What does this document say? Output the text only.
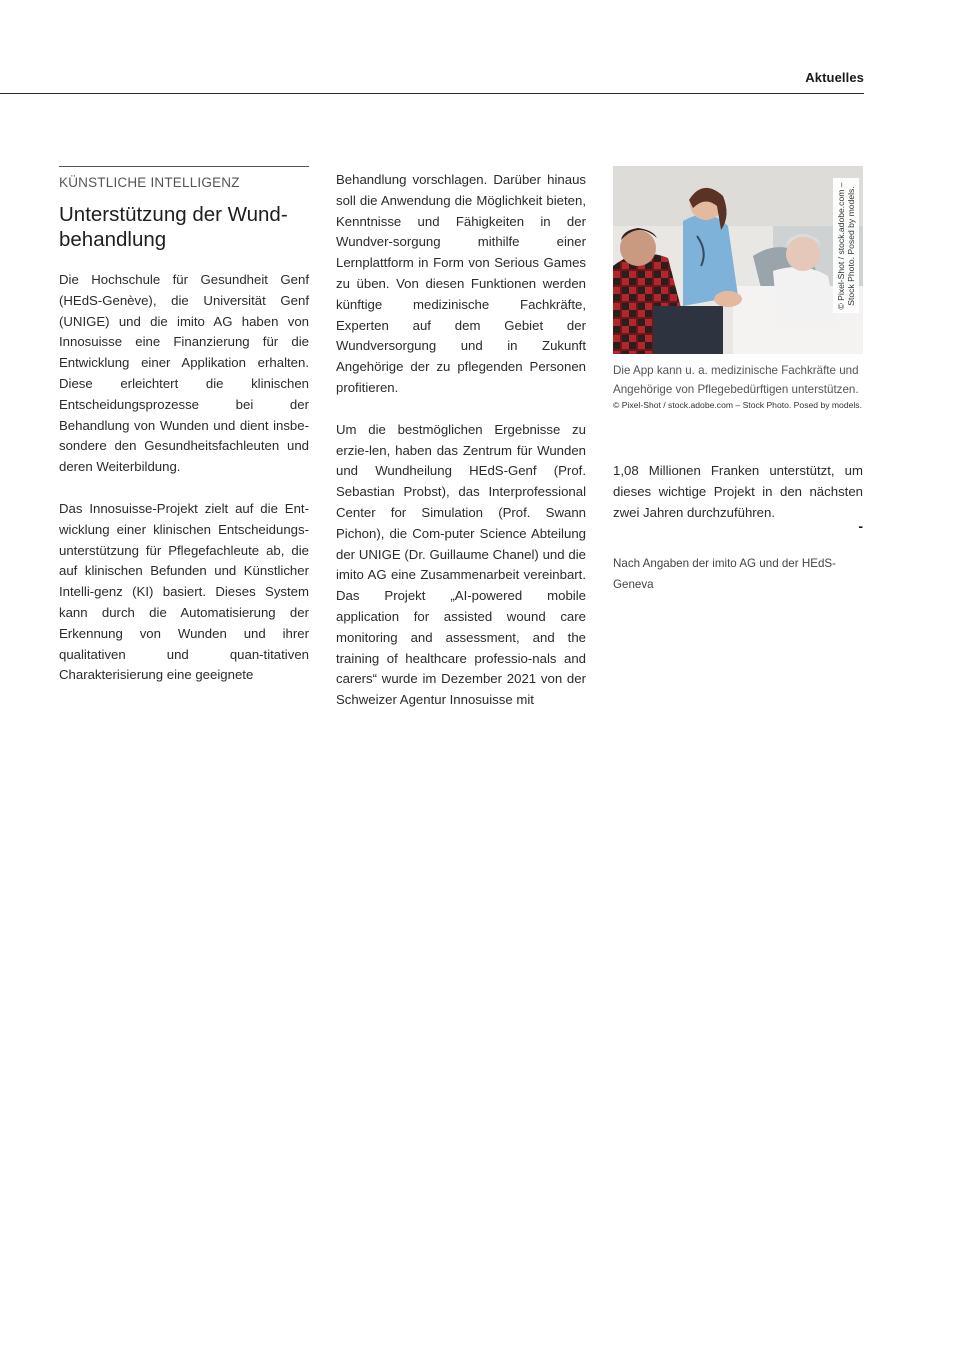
Aktuelles
KÜNSTLICHE INTELLIGENZ
Unterstützung der Wund-behandlung

Die Hochschule für Gesundheit Genf (HEdS-Genève), die Universität Genf (UNIGE) und die imito AG haben von Innosuisse eine Finanzierung für die Entwicklung einer Applikation erhalten. Diese erleichtert die klinischen Entscheidungsprozesse bei der Behandlung von Wunden und dient insbe-sondere den Gesundheitsfachleuten und deren Weiterbildung.

Das Innosuisse-Projekt zielt auf die Ent-wicklung einer klinischen Entscheidungs-unterstützung für Pflegefachleute ab, die auf klinischen Befunden und Künstlicher Intelli-genz (KI) basiert. Dieses System kann durch die Automatisierung der Erkennung von Wunden und ihrer qualitativen und quan-titativen Charakterisierung eine geeignete

Behandlung vorschlagen. Darüber hinaus soll die Anwendung die Möglichkeit bieten, Kenntnisse und Fähigkeiten in der Wundver-sorgung mithilfe einer Lernplattform in Form von Serious Games zu üben. Von diesen Funktionen werden künftige medizinische Fachkräfte, Experten auf dem Gebiet der Wundversorgung und in Zukunft Angehörige der zu pflegenden Personen profitieren.

Um die bestmöglichen Ergebnisse zu erzie-len, haben das Zentrum für Wunden und Wundheilung HEdS-Genf (Prof. Sebastian Probst), das Interprofessional Center for Simulation (Prof. Swann Pichon), die Com-puter Science Abteilung der UNIGE (Dr. Guillaume Chanel) und die imito AG eine Zusammenarbeit vereinbart. Das Projekt „AI-powered mobile application for assisted wound care monitoring and assessment, and the training of healthcare professio-nals and carers“ wurde im Dezember 2021 von der Schweizer Agentur Innosuisse mit

© Pixel-Shot / stock.adobe.com – Stock Photo. Posed by models.
Die App kann u. a. medizinische Fachkräfte und Angehörige von Pflegebedürftigen unterstützen.
© Pixel-Shot / stock.adobe.com – Stock Photo. Posed by models.

1,08 Millionen Franken unterstützt, um dieses wichtige Projekt in den nächsten zwei Jahren durchzuführen.

-
Nach Angaben der imito AG und der HEdS-Geneva
